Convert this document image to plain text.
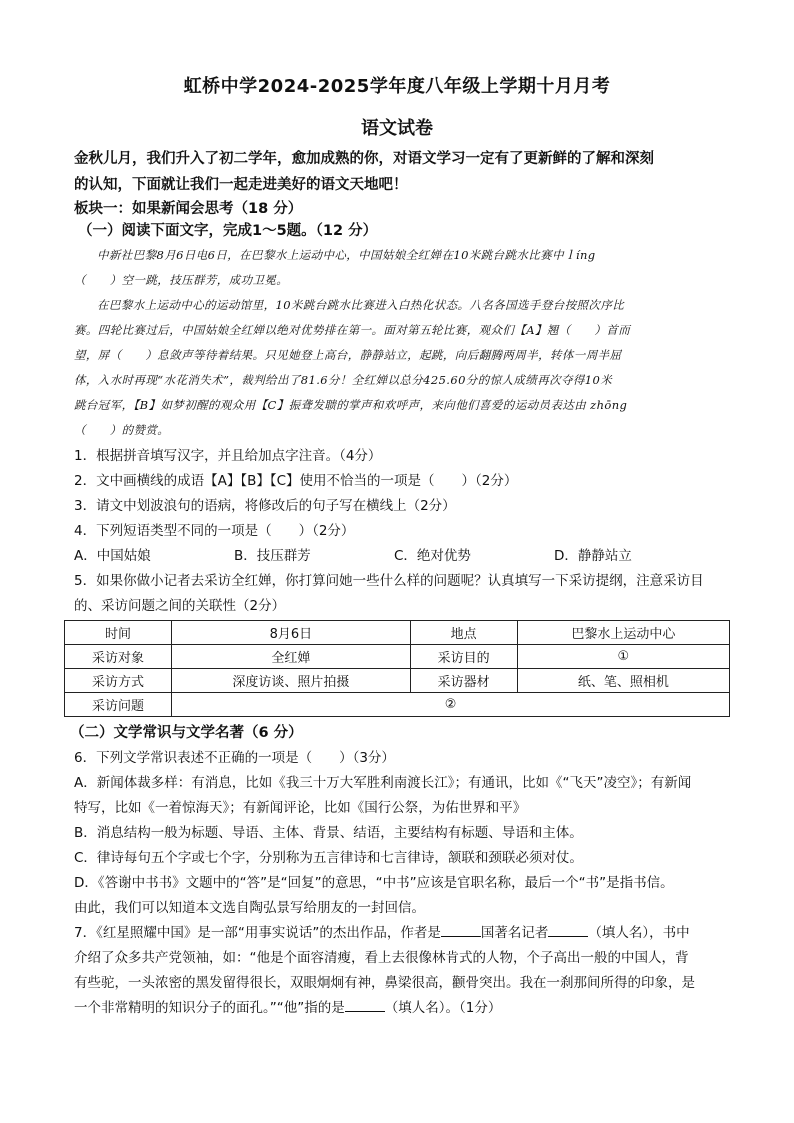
虹桥中学2024-2025学年度八年级上学期十月月考
语文试卷
金秋儿月，我们升入了初二学年，愈加成熟的你，对语文学习一定有了更新鲜的了解和深刻
的认知，下面就让我们一起走进美好的语文天地吧！
板块一：如果新闻会思考（18 分）
（一）阅读下面文字，完成1～5题。（12 分）

中新社巴黎8月6日电6日，在巴黎水上运动中心，中国姑娘全红婵在10米跳台跳水比赛中ｌíng

（　　）空一跳，技压群芳，成功卫冕。

在巴黎水上运动中心的运动馆里，10米跳台跳水比赛进入白热化状态。八名各国选手登台按照次序比

赛。四轮比赛过后，中国姑娘全红婵以绝对优势排在第一。面对第五轮比赛，观众们【A】翘（　　）首而

望，屏（　　）息敛声等待着结果。只见她登上高台，静静站立，起跳，向后翻腾两周半，转体一周半屈

体，入水时再现“水花消失术”，裁判给出了81.6分！全红婵以总分425.60分的惊人成绩再次夺得10米

跳台冠军，【B】如梦初醒的观众用【C】振聋发聩的掌声和欢呼声，来向他们喜爱的运动员表达由 zhōng

（　　）的赞赏。

1．根据拼音填写汉字，并且给加点字注音。（4分）

2．文中画横线的成语【A】【B】【C】使用不恰当的一项是（　　）（2分）

3．请文中划波浪句的语病，将修改后的句子写在横线上（2分）

4．下列短语类型不同的一项是（　　）（2分）

A．中国姑娘	B．技压群芳	C．绝对优势	D．静静站立

5．如果你做小记者去采访全红婵，你打算问她一些什么样的问题呢？认真填写一下采访提纲，注意采访目

的、采访问题之间的关联性（2分）

时间	8月6日	地点	巴黎水上运动中心
采访对象	全红婵	采访目的	①
采访方式	深度访谈、照片拍摄	采访器材	纸、笔、照相机
采访问题	②		
（二）文学常识与文学名著（6 分）

6．下列文学常识表述不正确的一项是（　　）（3分）

A．新闻体裁多样：有消息，比如《我三十万大军胜利南渡长江》；有通讯，比如《“飞天”凌空》；有新闻

特写，比如《一着惊海天》；有新闻评论，比如《国行公祭，为佑世界和平》

B．消息结构一般为标题、导语、主体、背景、结语，主要结构有标题、导语和主体。

C．律诗每句五个字或七个字，分别称为五言律诗和七言律诗，颔联和颈联必须对仗。

D．《答谢中书书》文题中的“答”是“回复”的意思，“中书”应该是官职名称，最后一个“书”是指书信。

由此，我们可以知道本文选自陶弘景写给朋友的一封回信。

7．《红星照耀中国》是一部“用事实说话”的杰出作品，作者是	国著名记者	（填人名），书中

介绍了众多共产党领袖，如：“他是个面容清瘦，看上去很像林肯式的人物，个子高出一般的中国人，背

有些驼，一头浓密的黑发留得很长，双眼炯炯有神，鼻梁很高，颧骨突出。我在一刹那间所得的印象，是

一个非常精明的知识分子的面孔。”“他”指的是	（填人名）。（1分）
